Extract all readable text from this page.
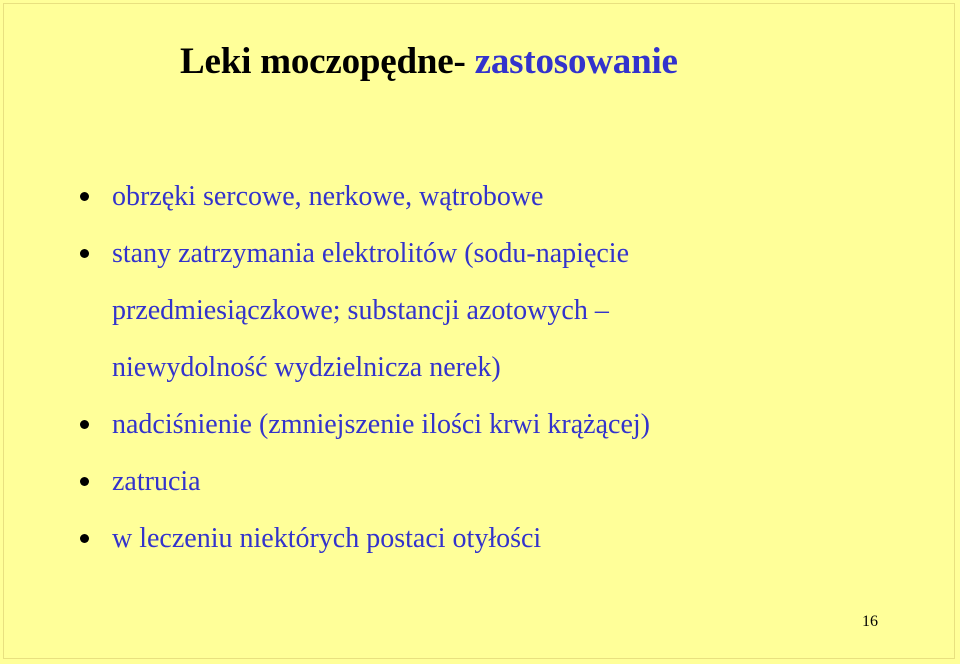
Leki moczopędne- zastosowanie
obrzęki sercowe, nerkowe, wątrobowe
stany zatrzymania elektrolitów (sodu-napięcie przedmiesiączkowe; substancji azotowych – niewydolność wydzielnicza nerek)
nadciśnienie (zmniejszenie ilości krwi krążącej)
zatrucia
w leczeniu niektórych postaci otyłości
16
